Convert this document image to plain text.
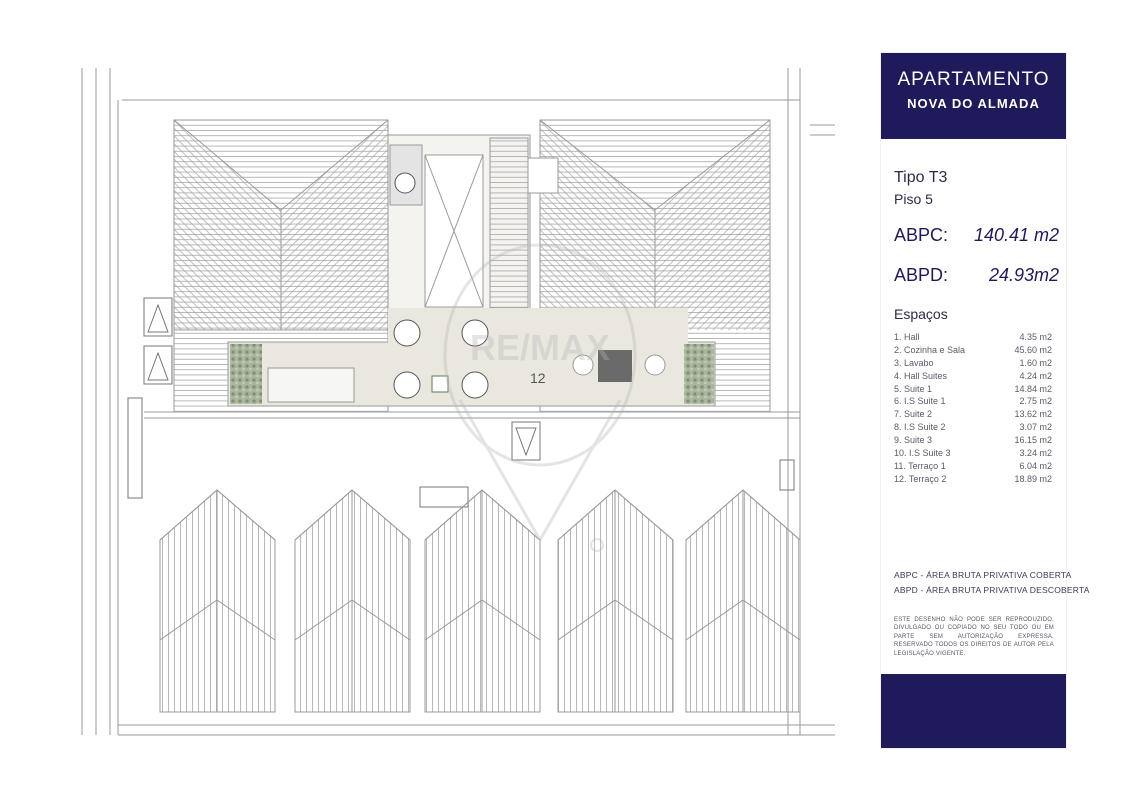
12
RE/MAX
APARTAMENTO
NOVA DO ALMADA
Tipo T3
Piso 5
ABPC: 140.41 m2
ABPD: 24.93m2
Espaços
1. Hall	4.35 m2
2. Cozinha e Sala	45.60 m2
3. Lavabo	1.60 m2
4. Hall Suites	4.24 m2
5. Suite 1	14.84 m2
6. I.S Suite 1	2.75 m2
7. Suite 2	13.62 m2
8. I.S Suite 2	3.07 m2
9. Suite 3	16.15 m2
10. I.S Suite 3	3.24 m2
11. Terraço 1	6.04 m2
12. Terraço 2	18.89 m2
ABPC - ÁREA BRUTA PRIVATIVA COBERTA
ABPD - ÁREA BRUTA PRIVATIVA DESCOBERTA
ESTE DESENHO NÃO PODE SER REPRODUZIDO, DIVULGADO OU COPIADO NO SEU TODO OU EM PARTE SEM AUTORIZAÇÃO EXPRESSA. RESERVADO TODOS OS DIREITOS DE AUTOR PELA LEGISLAÇÃO VIGENTE.
